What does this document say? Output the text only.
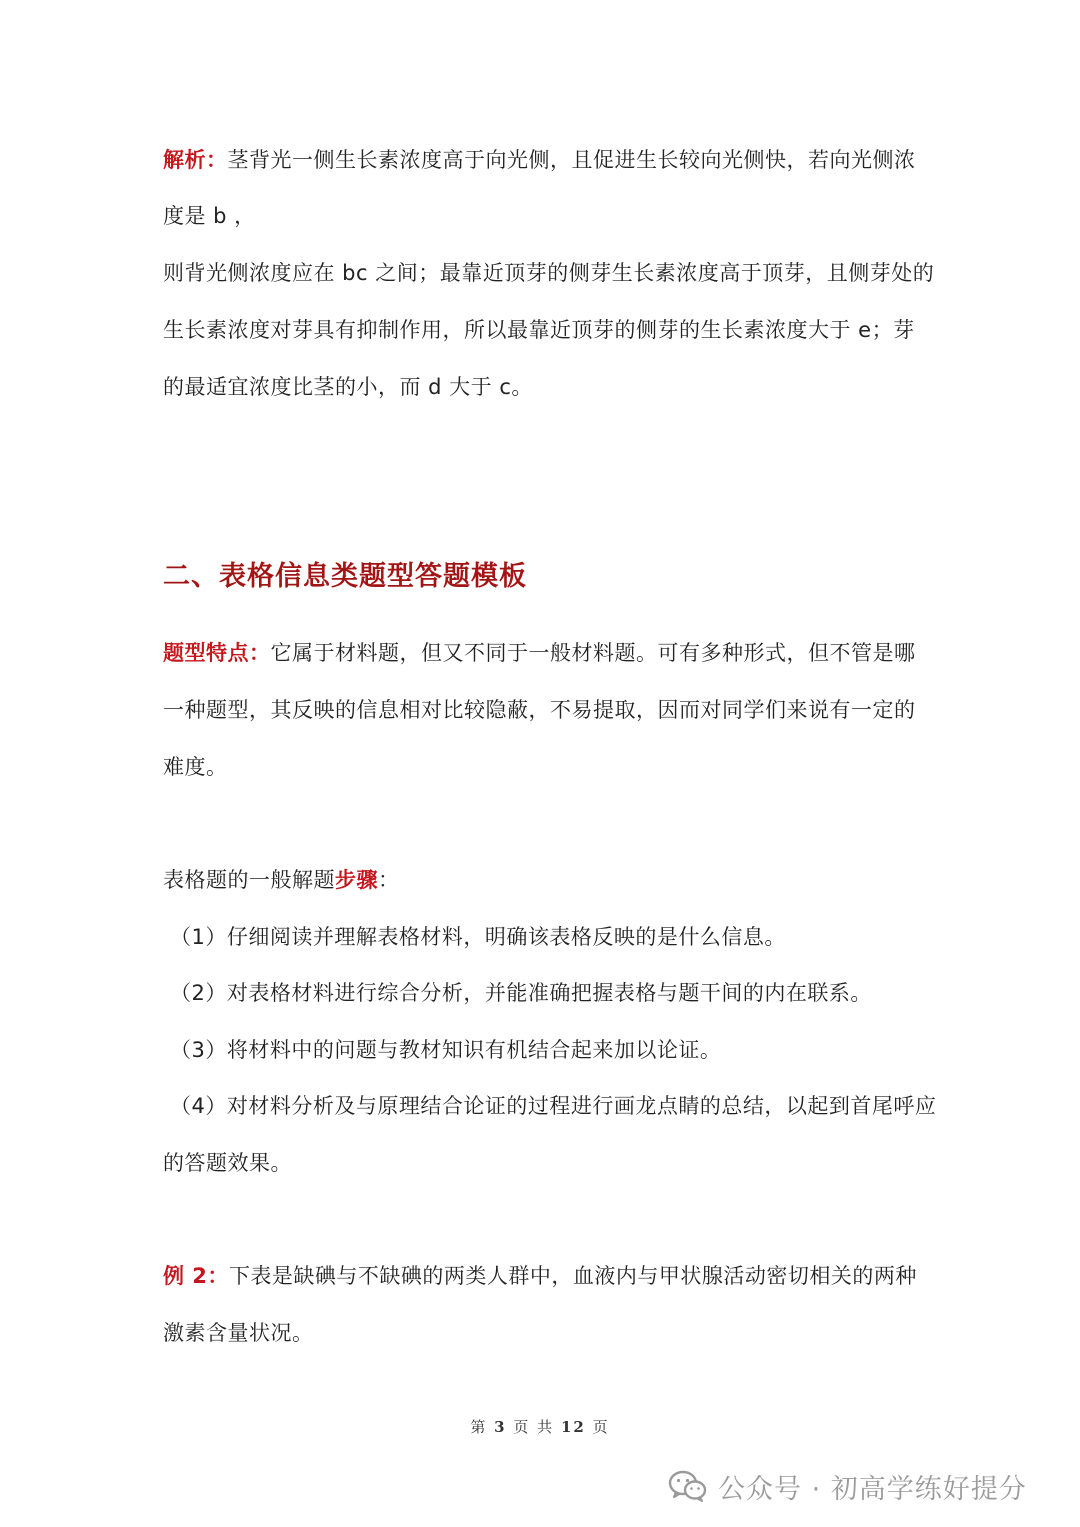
解析：茎背光一侧生长素浓度高于向光侧，且促进生长较向光侧快，若向光侧浓
度是 b ，
则背光侧浓度应在 bc 之间；最靠近顶芽的侧芽生长素浓度高于顶芽，且侧芽处的
生长素浓度对芽具有抑制作用，所以最靠近顶芽的侧芽的生长素浓度大于 e；芽
的最适宜浓度比茎的小，而 d 大于 c。
二、表格信息类题型答题模板
题型特点：它属于材料题，但又不同于一般材料题。可有多种形式，但不管是哪
一种题型，其反映的信息相对比较隐蔽，不易提取，因而对同学们来说有一定的
难度。
表格题的一般解题步骤：
（1）仔细阅读并理解表格材料，明确该表格反映的是什么信息。
（2）对表格材料进行综合分析，并能准确把握表格与题干间的内在联系。
（3）将材料中的问题与教材知识有机结合起来加以论证。
（4）对材料分析及与原理结合论证的过程进行画龙点睛的总结，以起到首尾呼应
的答题效果。
例 2：下表是缺碘与不缺碘的两类人群中，血液内与甲状腺活动密切相关的两种
激素含量状况。
第 3 页 共 12 页
公众号 · 初高学练好提分
